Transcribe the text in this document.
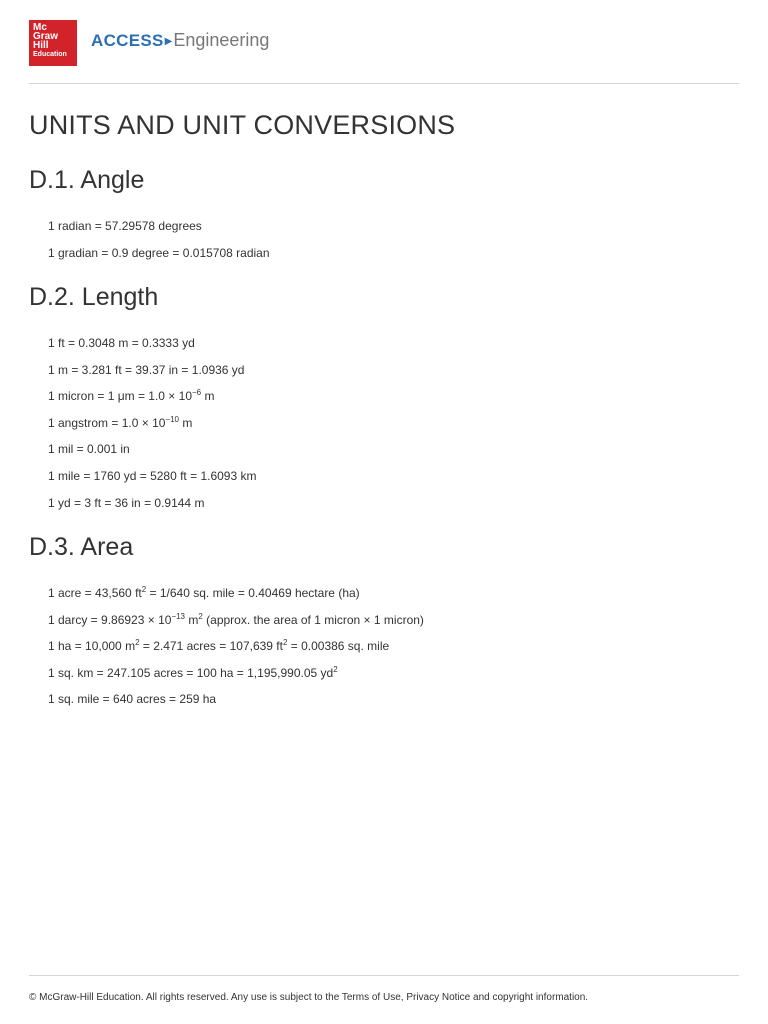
Mc
Graw
Hill
Education
ACCESS▶Engineering
UNITS AND UNIT CONVERSIONS
D.1. Angle
1 radian = 57.29578 degrees
1 gradian = 0.9 degree = 0.015708 radian
D.2. Length
1 ft = 0.3048 m = 0.3333 yd
1 m = 3.281 ft = 39.37 in = 1.0936 yd
1 micron = 1 $\mu m = 1.0 \times 10^{-6}$ m
1 angstrom = $1.0 \times 10^{-10}$ m
1 mil = 0.001 in
1 mile = 1760 yd = 5280 ft = 1.6093 km
1 yd = 3 ft = 36 in = 0.9144 m
D.3. Area
1 acre = 43,560 $ft^2 = 1/640$ sq. mile = 0.40469 hectare (ha)
1 darcy = $9.86923 \times 10^{-13}$ $m^2$ (approx. the area of 1 micron × 1 micron)
1 ha = 10,000 $m^2 = 2.471$ acres = 107,639 $ft^2 = 0.00386$ sq. mile
1 sq. km = 247.105 acres = 100 ha = 1,195,990.05 $yd^2$
1 sq. mile = 640 acres = 259 ha
© McGraw-Hill Education. All rights reserved. Any use is subject to the Terms of Use, Privacy Notice and copyright information.
